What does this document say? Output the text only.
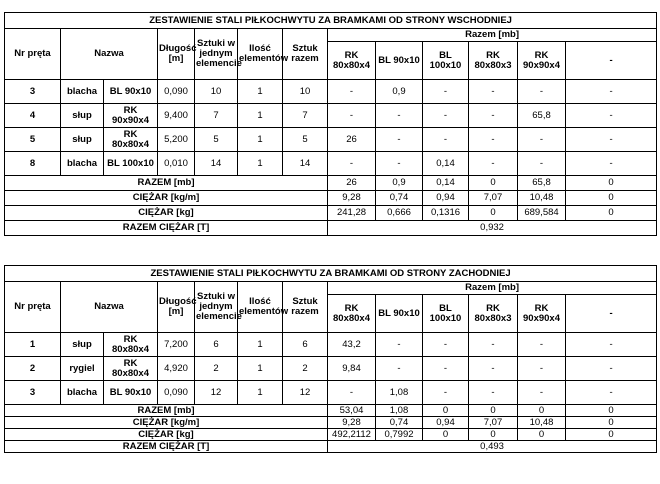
ZESTAWIENIE STALI PIŁKOCHWYTU ZA BRAMKAMI OD STRONY WSCHODNIEJ												
Nr pręta	Nazwa		Długość [m]	Sztuki w jednym elemencie	Ilość elementów	Sztuk razem	Razem [mb]					
							RK 80x80x4	BL 90x10	BL 100x10	RK 80x80x3	RK 90x90x4	-
3	blacha	BL 90x10	0,090	10	1	10	-	0,9	-	-	-	-
4	słup	RK 90x90x4	9,400	7	1	7	-	-	-	-	65,8	-
5	słup	RK 80x80x4	5,200	5	1	5	26	-	-	-	-	-
8	blacha	BL 100x10	0,010	14	1	14	-	-	0,14	-	-	-
RAZEM [mb]							26	0,9	0,14	0	65,8	0
CIĘŻAR [kg/m]							9,28	0,74	0,94	7,07	10,48	0
CIĘŻAR [kg]							241,28	0,666	0,1316	0	689,584	0
RAZEM CIĘŻAR [T]							0,932					
ZESTAWIENIE STALI PIŁKOCHWYTU ZA BRAMKAMI OD STRONY ZACHODNIEJ												
Nr pręta	Nazwa		Długość [m]	Sztuki w jednym elemencie	Ilość elementów	Sztuk razem	Razem [mb]					
							RK 80x80x4	BL 90x10	BL 100x10	RK 80x80x3	RK 90x90x4	-
1	słup	RK 80x80x4	7,200	6	1	6	43,2	-	-	-	-	-
2	rygiel	RK 80x80x4	4,920	2	1	2	9,84	-	-	-	-	-
3	blacha	BL 90x10	0,090	12	1	12	-	1,08	-	-	-	-
RAZEM [mb]							53,04	1,08	0	0	0	0
CIĘŻAR [kg/m]							9,28	0,74	0,94	7,07	10,48	0
CIĘŻAR [kg]							492,2112	0,7992	0	0	0	0
RAZEM CIĘŻAR [T]							0,493					
